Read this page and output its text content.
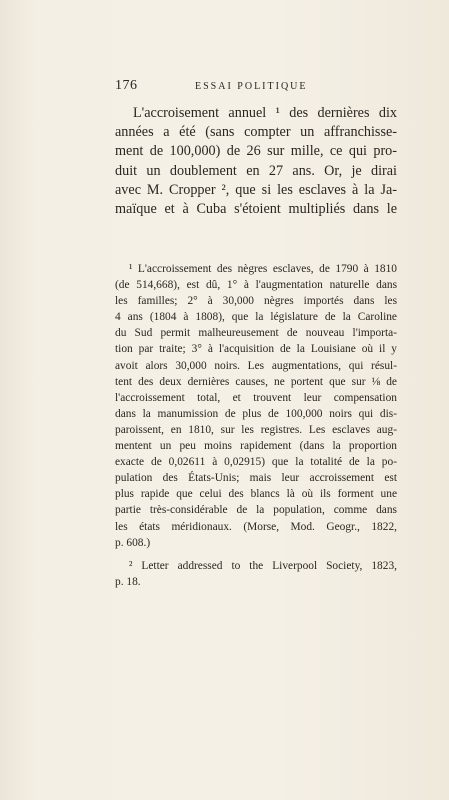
176	ESSAI POLITIQUE
L'accroisement annuel ¹ des dernières dix
années a été (sans compter un affranchisse-
ment de 100,000) de 26 sur mille, ce qui pro-
duit un doublement en 27 ans. Or, je dirai
avec M. Cropper ², que si les esclaves à la Ja-
maïque et à Cuba s'étoient multipliés dans le
¹ L'accroissement des nègres esclaves, de 1790 à 1810
(de 514,668), est dû, 1° à l'augmentation naturelle dans
les familles; 2° à 30,000 nègres importés dans les
4 ans (1804 à 1808), que la législature de la Caroline
du Sud permit malheureusement de nouveau l'importa-
tion par traite; 3° à l'acquisition de la Louisiane où il y
avoit alors 30,000 noirs. Les augmentations, qui résul-
tent des deux dernières causes, ne portent que sur ⅛ de
l'accroissement total, et trouvent leur compensation
dans la manumission de plus de 100,000 noirs qui dis-
paroissent, en 1810, sur les registres. Les esclaves aug-
mentent un peu moins rapidement (dans la proportion
exacte de 0,02611 à 0,02915) que la totalité de la po-
pulation des États-Unis; mais leur accroissement est
plus rapide que celui des blancs là où ils forment une
partie très-considérable de la population, comme dans
les états méridionaux. (Morse, Mod. Geogr., 1822,
p. 608.)
² Letter addressed to the Liverpool Society, 1823,
p. 18.
